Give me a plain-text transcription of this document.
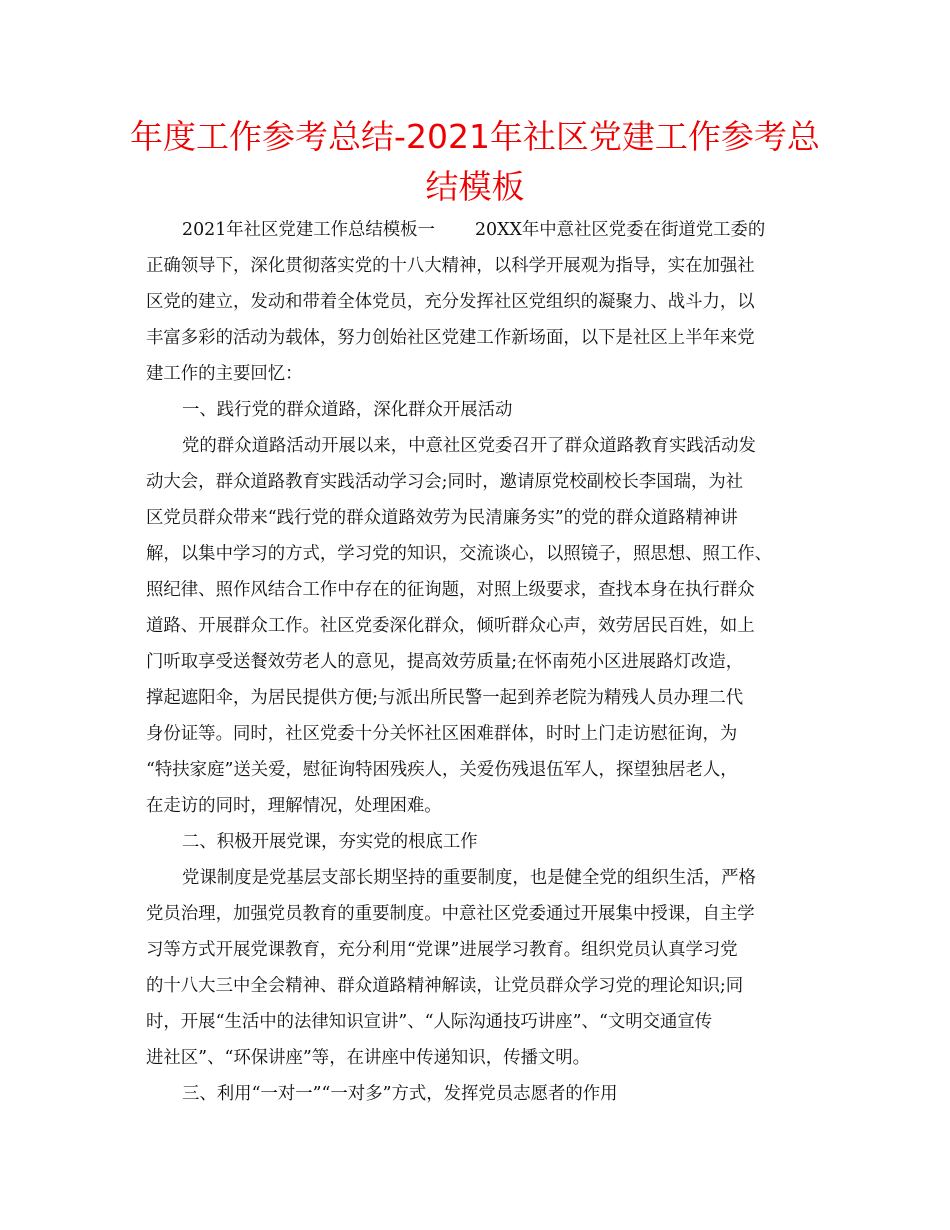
年度工作参考总结-2021年社区党建工作参考总
结模板
2021年社区党建工作总结模板一 20XX年中意社区党委在街道党工委的
正确领导下，深化贯彻落实党的十八大精神，以科学开展观为指导，实在加强社
区党的建立，发动和带着全体党员，充分发挥社区党组织的凝聚力、战斗力，以
丰富多彩的活动为载体，努力创始社区党建工作新场面，以下是社区上半年来党
建工作的主要回忆：
一、践行党的群众道路，深化群众开展活动
党的群众道路活动开展以来，中意社区党委召开了群众道路教育实践活动发
动大会，群众道路教育实践活动学习会;同时，邀请原党校副校长李国瑞，为社
区党员群众带来“践行党的群众道路效劳为民清廉务实”的党的群众道路精神讲
解，以集中学习的方式，学习党的知识，交流谈心，以照镜子，照思想、照工作、
照纪律、照作风结合工作中存在的征询题，对照上级要求，查找本身在执行群众
道路、开展群众工作。社区党委深化群众，倾听群众心声，效劳居民百姓，如上
门听取享受送餐效劳老人的意见，提高效劳质量;在怀南苑小区进展路灯改造，
撑起遮阳伞，为居民提供方便;与派出所民警一起到养老院为精残人员办理二代
身份证等。同时，社区党委十分关怀社区困难群体，时时上门走访慰征询，为
“特扶家庭”送关爱，慰征询特困残疾人，关爱伤残退伍军人，探望独居老人，
在走访的同时，理解情况，处理困难。
二、积极开展党课，夯实党的根底工作
党课制度是党基层支部长期坚持的重要制度，也是健全党的组织生活，严格
党员治理，加强党员教育的重要制度。中意社区党委通过开展集中授课，自主学
习等方式开展党课教育，充分利用“党课”进展学习教育。组织党员认真学习党
的十八大三中全会精神、群众道路精神解读，让党员群众学习党的理论知识;同
时，开展“生活中的法律知识宣讲”、“人际沟通技巧讲座”、“文明交通宣传
进社区”、“环保讲座”等，在讲座中传递知识，传播文明。
三、利用“一对一”“一对多”方式，发挥党员志愿者的作用
